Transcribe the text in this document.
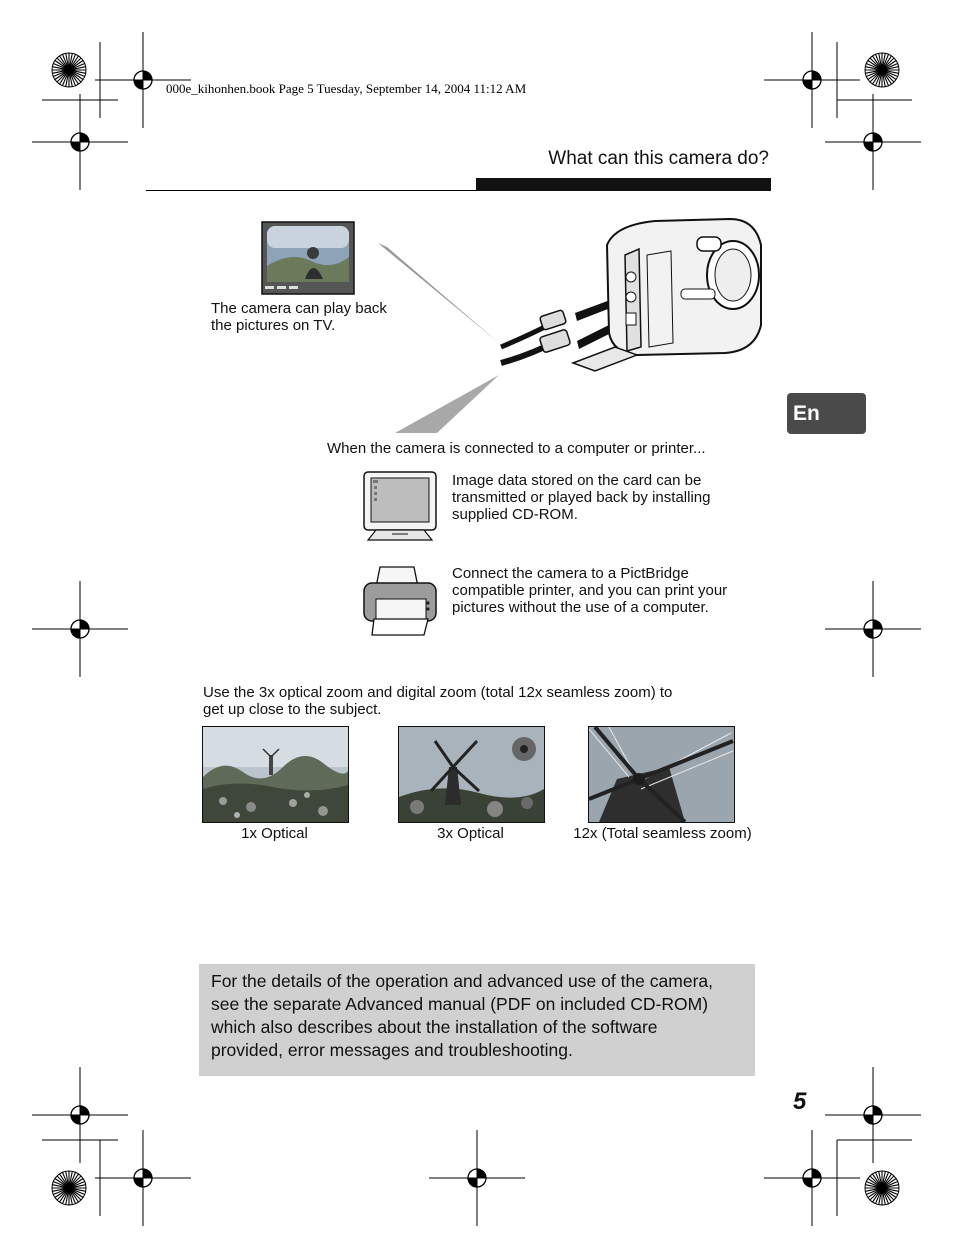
000e_kihonhen.book Page 5 Tuesday, September 14, 2004 11:12 AM
What can this camera do?
En
The camera can play back
the pictures on TV.
When the camera is connected to a computer or printer...
Image data stored on the card can be
transmitted or played back by installing
supplied CD-ROM.
Connect the camera to a PictBridge
compatible printer, and you can print your
pictures without the use of a computer.
Use the 3x optical zoom and digital zoom (total 12x seamless zoom) to
get up close to the subject.
1x Optical	3x Optical	12x (Total seamless zoom)
For the details of the operation and advanced use of the camera,
see the separate Advanced manual (PDF on included CD-ROM)
which also describes about the installation of the software
provided, error messages and troubleshooting.
5
